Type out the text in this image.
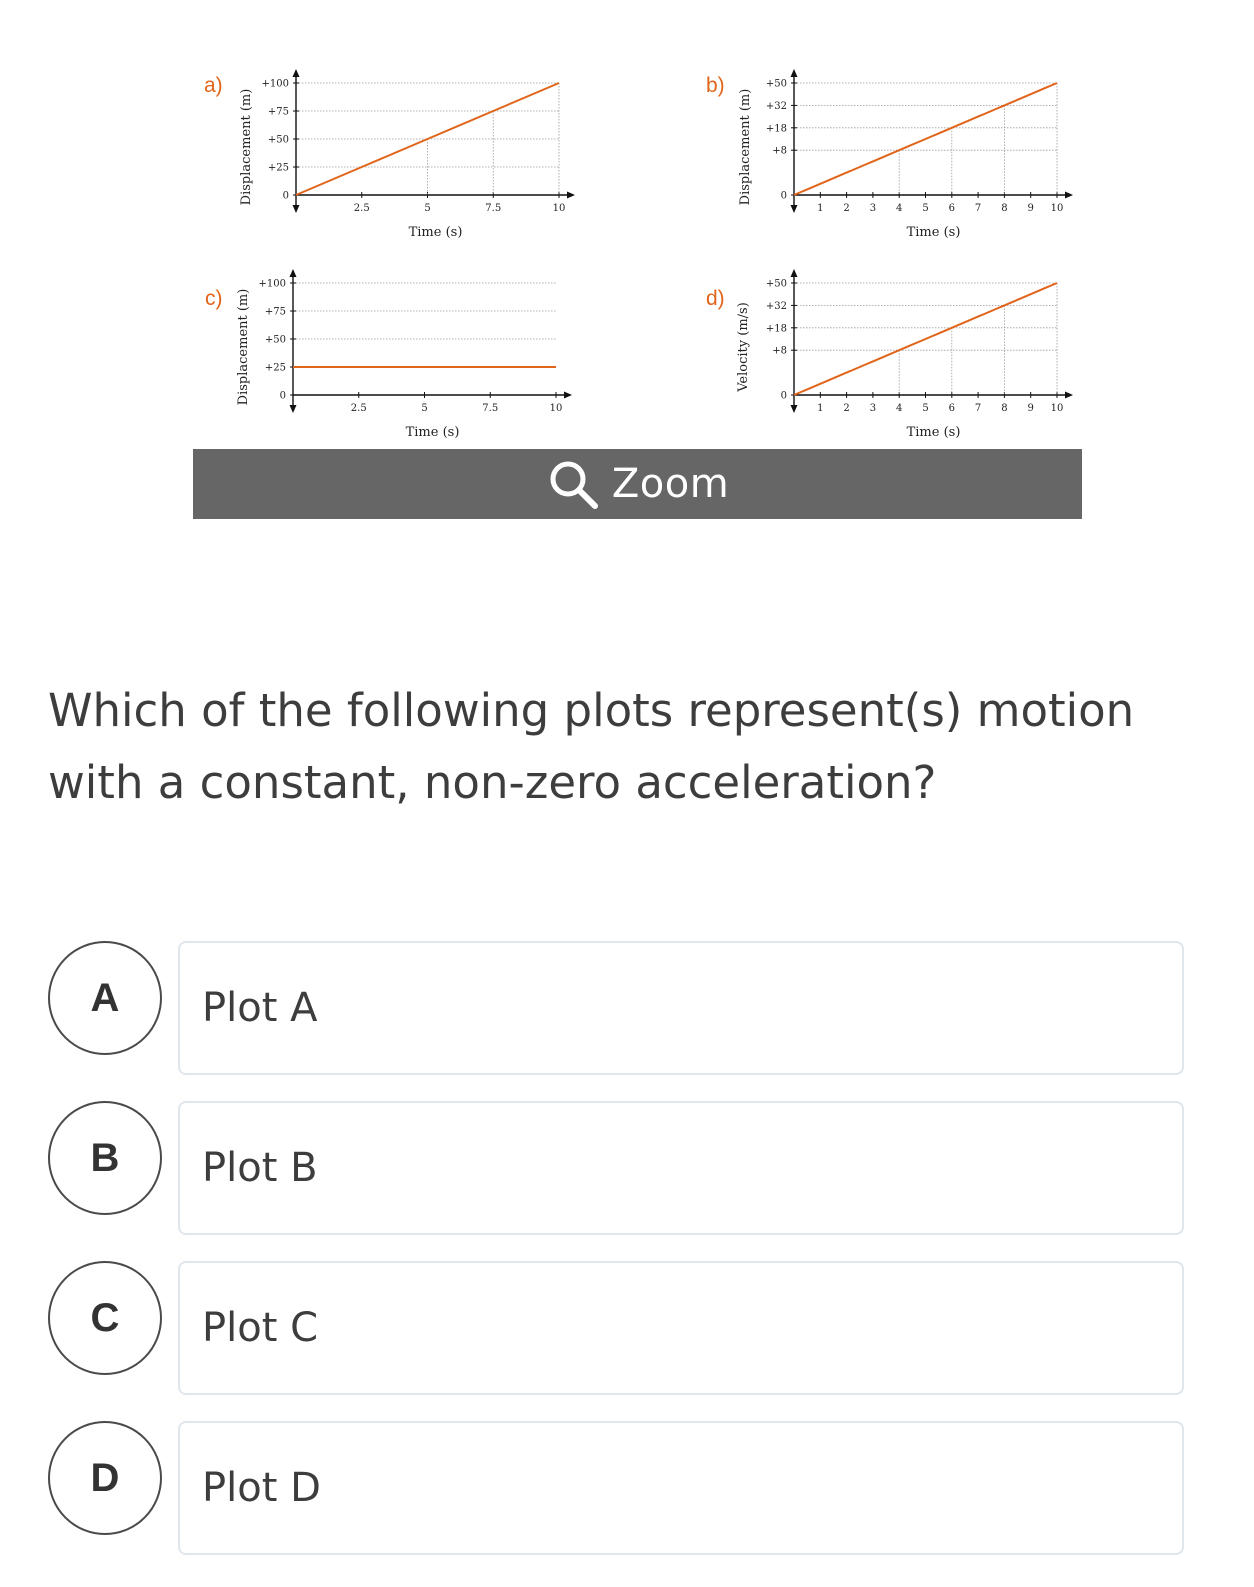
a)
Displacement (m)
Time (s)
+100
+75
+50
+25
0
2.5	5	7.5	10
b)
Displacement (m)
Time (s)
+50
+32
+18
+8
0
1 2 3 4 5 6 7 8 9 10
c) Displacement (m)
Time (s)
+100
+75
+50
+25
0
2.5	5	7.5	10
d)
Velocity (m/s)
Time (s)
+50
+32
+18
+8
0
1 2 3 4 5 6 7 8 9 10
Zoom

Which of the following plots represent(s) motion with a constant, non-zero acceleration?

A	Plot A
B	Plot B
C	Plot C
D	Plot D
